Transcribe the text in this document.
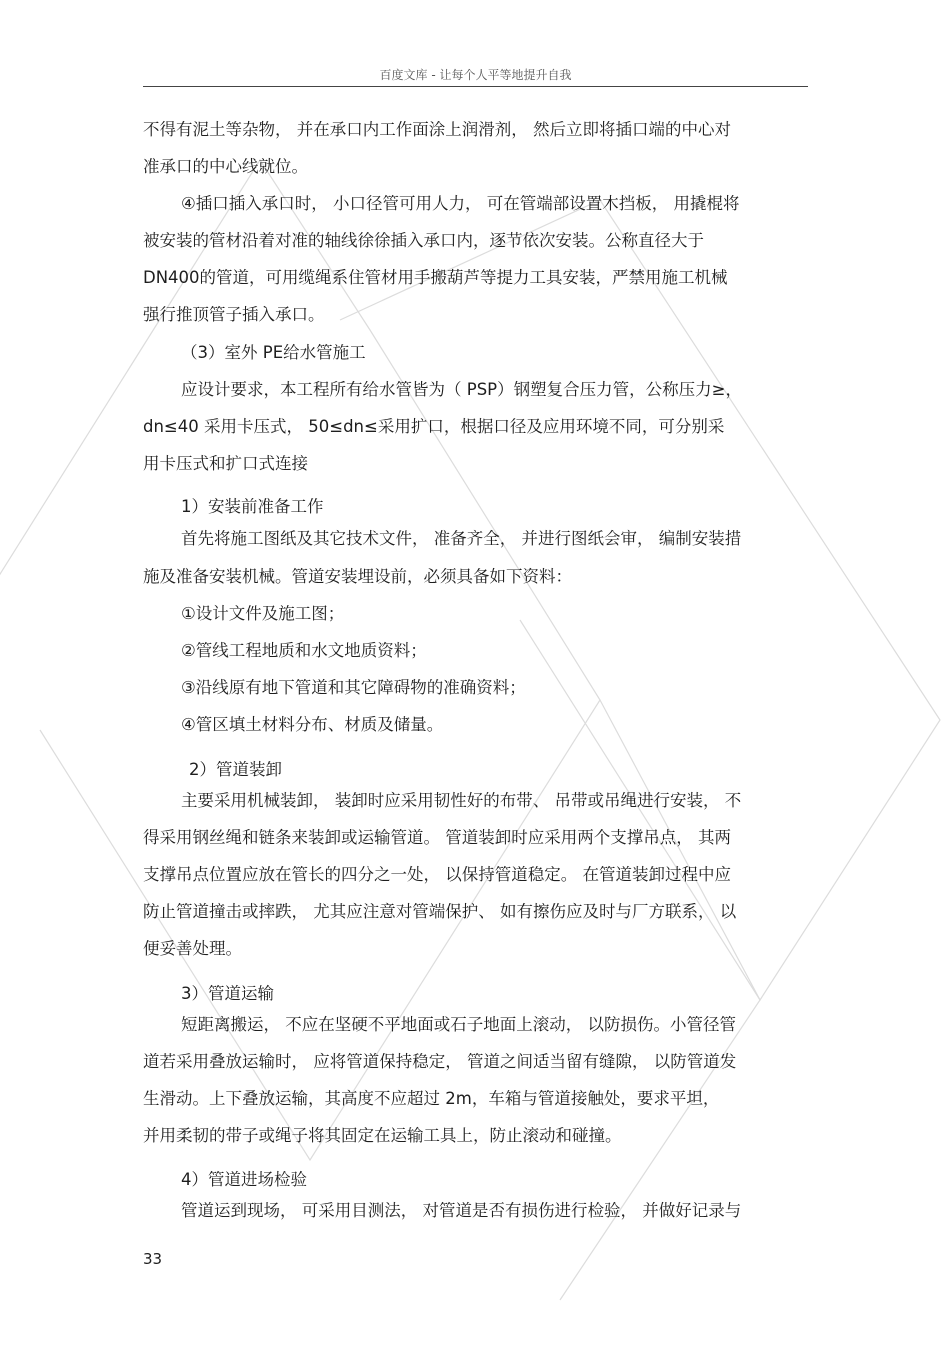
百度文库 - 让每个人平等地提升自我
不得有泥土等杂物， 并在承口内工作面涂上润滑剂， 然后立即将插口端的中心对
准承口的中心线就位。
④插口插入承口时， 小口径管可用人力， 可在管端部设置木挡板， 用撬棍将
被安装的管材沿着对准的轴线徐徐插入承口内，逐节依次安装。公称直径大于
DN400的管道，可用缆绳系住管材用手搬葫芦等提力工具安装，严禁用施工机械
强行推顶管子插入承口。
（3）室外 PE给水管施工
应设计要求，本工程所有给水管皆为（ PSP）钢塑复合压力管，公称压力≥，
dn≤40 采用卡压式， 50≤dn≤采用扩口，根据口径及应用环境不同，可分别采
用卡压式和扩口式连接
1）安装前准备工作
首先将施工图纸及其它技术文件， 准备齐全， 并进行图纸会审， 编制安装措
施及准备安装机械。管道安装埋设前，必须具备如下资料：
①设计文件及施工图；
②管线工程地质和水文地质资料；
③沿线原有地下管道和其它障碍物的准确资料；
④管区填土材料分布、材质及储量。
2）管道装卸
主要采用机械装卸， 装卸时应采用韧性好的布带、 吊带或吊绳进行安装， 不
得采用钢丝绳和链条来装卸或运输管道。 管道装卸时应采用两个支撑吊点， 其两
支撑吊点位置应放在管长的四分之一处， 以保持管道稳定。 在管道装卸过程中应
防止管道撞击或摔跌， 尤其应注意对管端保护、 如有擦伤应及时与厂方联系， 以
便妥善处理。
3）管道运输
短距离搬运， 不应在坚硬不平地面或石子地面上滚动， 以防损伤。小管径管
道若采用叠放运输时， 应将管道保持稳定， 管道之间适当留有缝隙， 以防管道发
生滑动。上下叠放运输，其高度不应超过 2m，车箱与管道接触处，要求平坦，
并用柔韧的带子或绳子将其固定在运输工具上，防止滚动和碰撞。
4）管道进场检验
管道运到现场， 可采用目测法， 对管道是否有损伤进行检验， 并做好记录与
33
